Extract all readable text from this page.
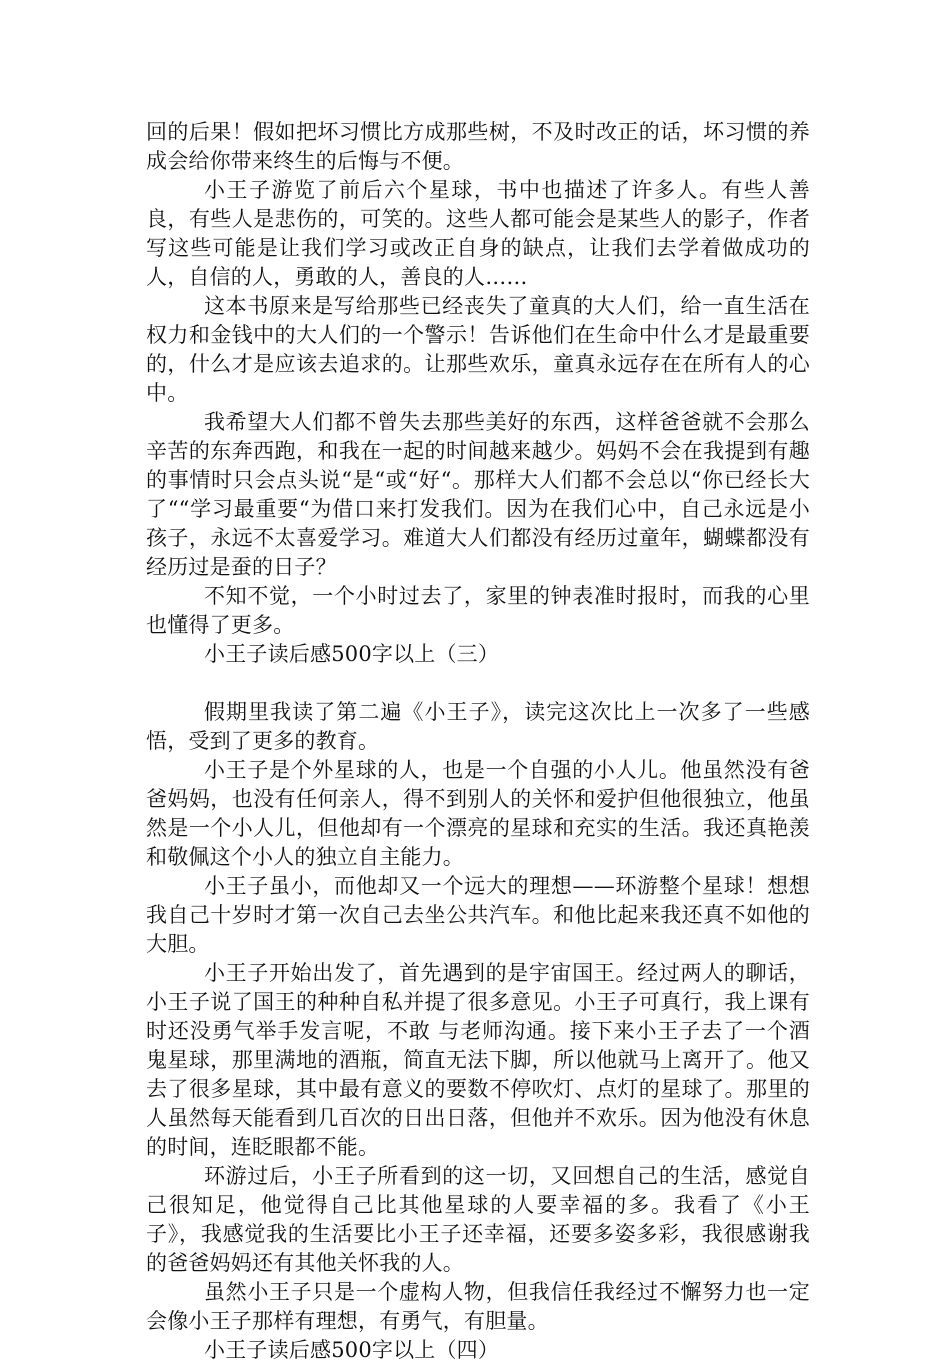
回的后果！假如把坏习惯比方成那些树，不及时改正的话，坏习惯的养成会给你带来终生的后悔与不便。

小王子游览了前后六个星球，书中也描述了许多人。有些人善良，有些人是悲伤的，可笑的。这些人都可能会是某些人的影子，作者写这些可能是让我们学习或改正自身的缺点，让我们去学着做成功的人，自信的人，勇敢的人，善良的人……

这本书原来是写给那些已经丧失了童真的大人们，给一直生活在权力和金钱中的大人们的一个警示！告诉他们在生命中什么才是最重要的，什么才是应该去追求的。让那些欢乐，童真永远存在在所有人的心中。

我希望大人们都不曾失去那些美好的东西，这样爸爸就不会那么辛苦的东奔西跑，和我在一起的时间越来越少。妈妈不会在我提到有趣的事情时只会点头说“是“或“好“。那样大人们都不会总以“你已经长大了““学习最重要“为借口来打发我们。因为在我们心中，自己永远是小孩子，永远不太喜爱学习。难道大人们都没有经历过童年，蝴蝶都没有经历过是蚕的日子？

不知不觉，一个小时过去了，家里的钟表准时报时，而我的心里也懂得了更多。

小王子读后感500字以上（三）

假期里我读了第二遍《小王子》，读完这次比上一次多了一些感悟，受到了更多的教育。

小王子是个外星球的人，也是一个自强的小人儿。他虽然没有爸爸妈妈，也没有任何亲人，得不到别人的关怀和爱护但他很独立，他虽然是一个小人儿，但他却有一个漂亮的星球和充实的生活。我还真艳羡和敬佩这个小人的独立自主能力。

小王子虽小，而他却又一个远大的理想——环游整个星球！想想我自己十岁时才第一次自己去坐公共汽车。和他比起来我还真不如他的大胆。

小王子开始出发了，首先遇到的是宇宙国王。经过两人的聊话，小王子说了国王的种种自私并提了很多意见。小王子可真行，我上课有时还没勇气举手发言呢，不敢 与老师沟通。接下来小王子去了一个酒鬼星球，那里满地的酒瓶，简直无法下脚，所以他就马上离开了。他又去了很多星球，其中最有意义的要数不停吹灯、点灯的星球了。那里的人虽然每天能看到几百次的日出日落，但他并不欢乐。因为他没有休息的时间，连眨眼都不能。

环游过后，小王子所看到的这一切，又回想自己的生活，感觉自己很知足，他觉得自己比其他星球的人要幸福的多。我看了《小王子》，我感觉我的生活要比小王子还幸福，还要多姿多彩，我很感谢我的爸爸妈妈还有其他关怀我的人。

虽然小王子只是一个虚构人物，但我信任我经过不懈努力也一定会像小王子那样有理想，有勇气，有胆量。

小王子读后感500字以上（四）
